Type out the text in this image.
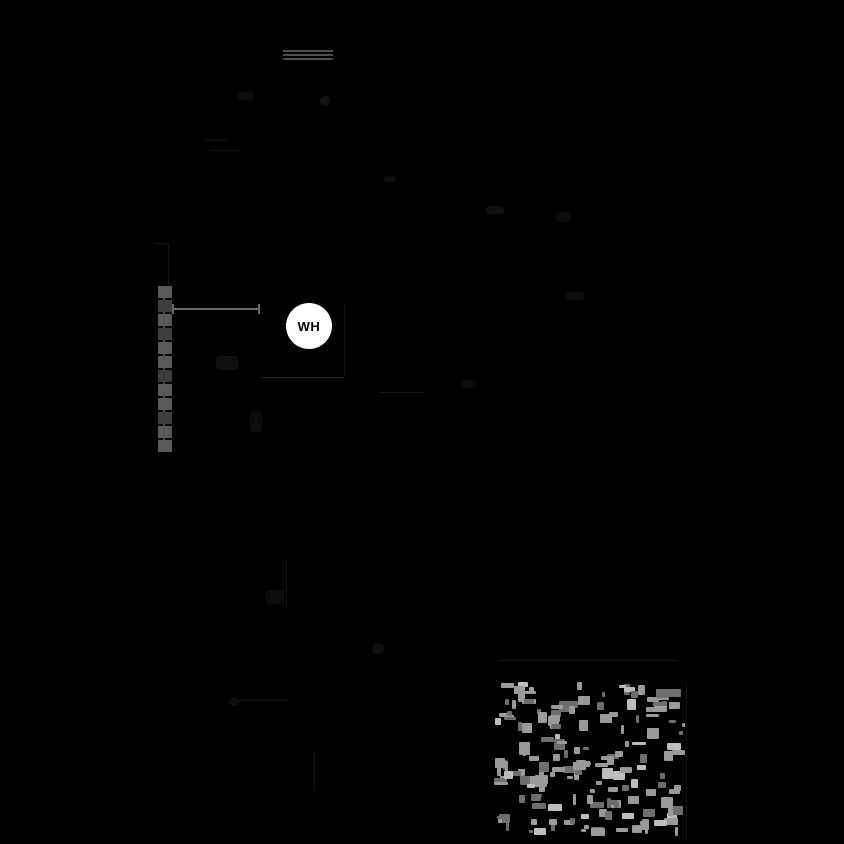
WH
